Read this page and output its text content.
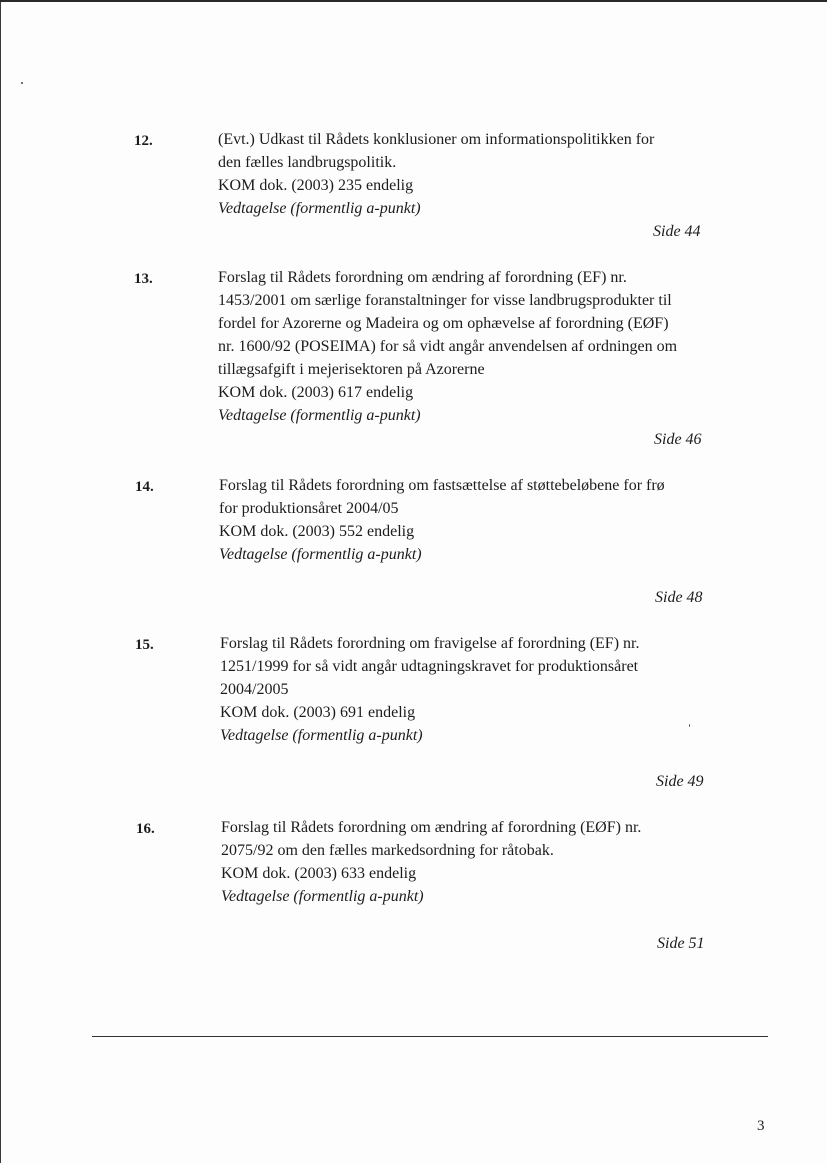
12.	(Evt.) Udkast til Rådets konklusioner om informationspolitikken for
den fælles landbrugspolitik.
KOM dok. (2003) 235 endelig
Vedtagelse (formentlig a-punkt)
Side 44
13.	Forslag til Rådets forordning om ændring af forordning (EF) nr.
1453/2001 om særlige foranstaltninger for visse landbrugsprodukter til
fordel for Azorerne og Madeira og om ophævelse af forordning (EØF)
nr. 1600/92 (POSEIMA) for så vidt angår anvendelsen af ordningen om
tillægsafgift i mejerisektoren på Azorerne
KOM dok. (2003) 617 endelig
Vedtagelse (formentlig a-punkt)
Side 46
14.	Forslag til Rådets forordning om fastsættelse af støttebeløbene for frø
for produktionsåret 2004/05
KOM dok. (2003) 552 endelig
Vedtagelse (formentlig a-punkt)
Side 48
15.	Forslag til Rådets forordning om fravigelse af forordning (EF) nr.
1251/1999 for så vidt angår udtagningskravet for produktionsåret
2004/2005
KOM dok. (2003) 691 endelig
Vedtagelse (formentlig a-punkt)
Side 49
16.	Forslag til Rådets forordning om ændring af forordning (EØF) nr.
2075/92 om den fælles markedsordning for råtobak.
KOM dok. (2003) 633 endelig
Vedtagelse (formentlig a-punkt)
Side 51
3
